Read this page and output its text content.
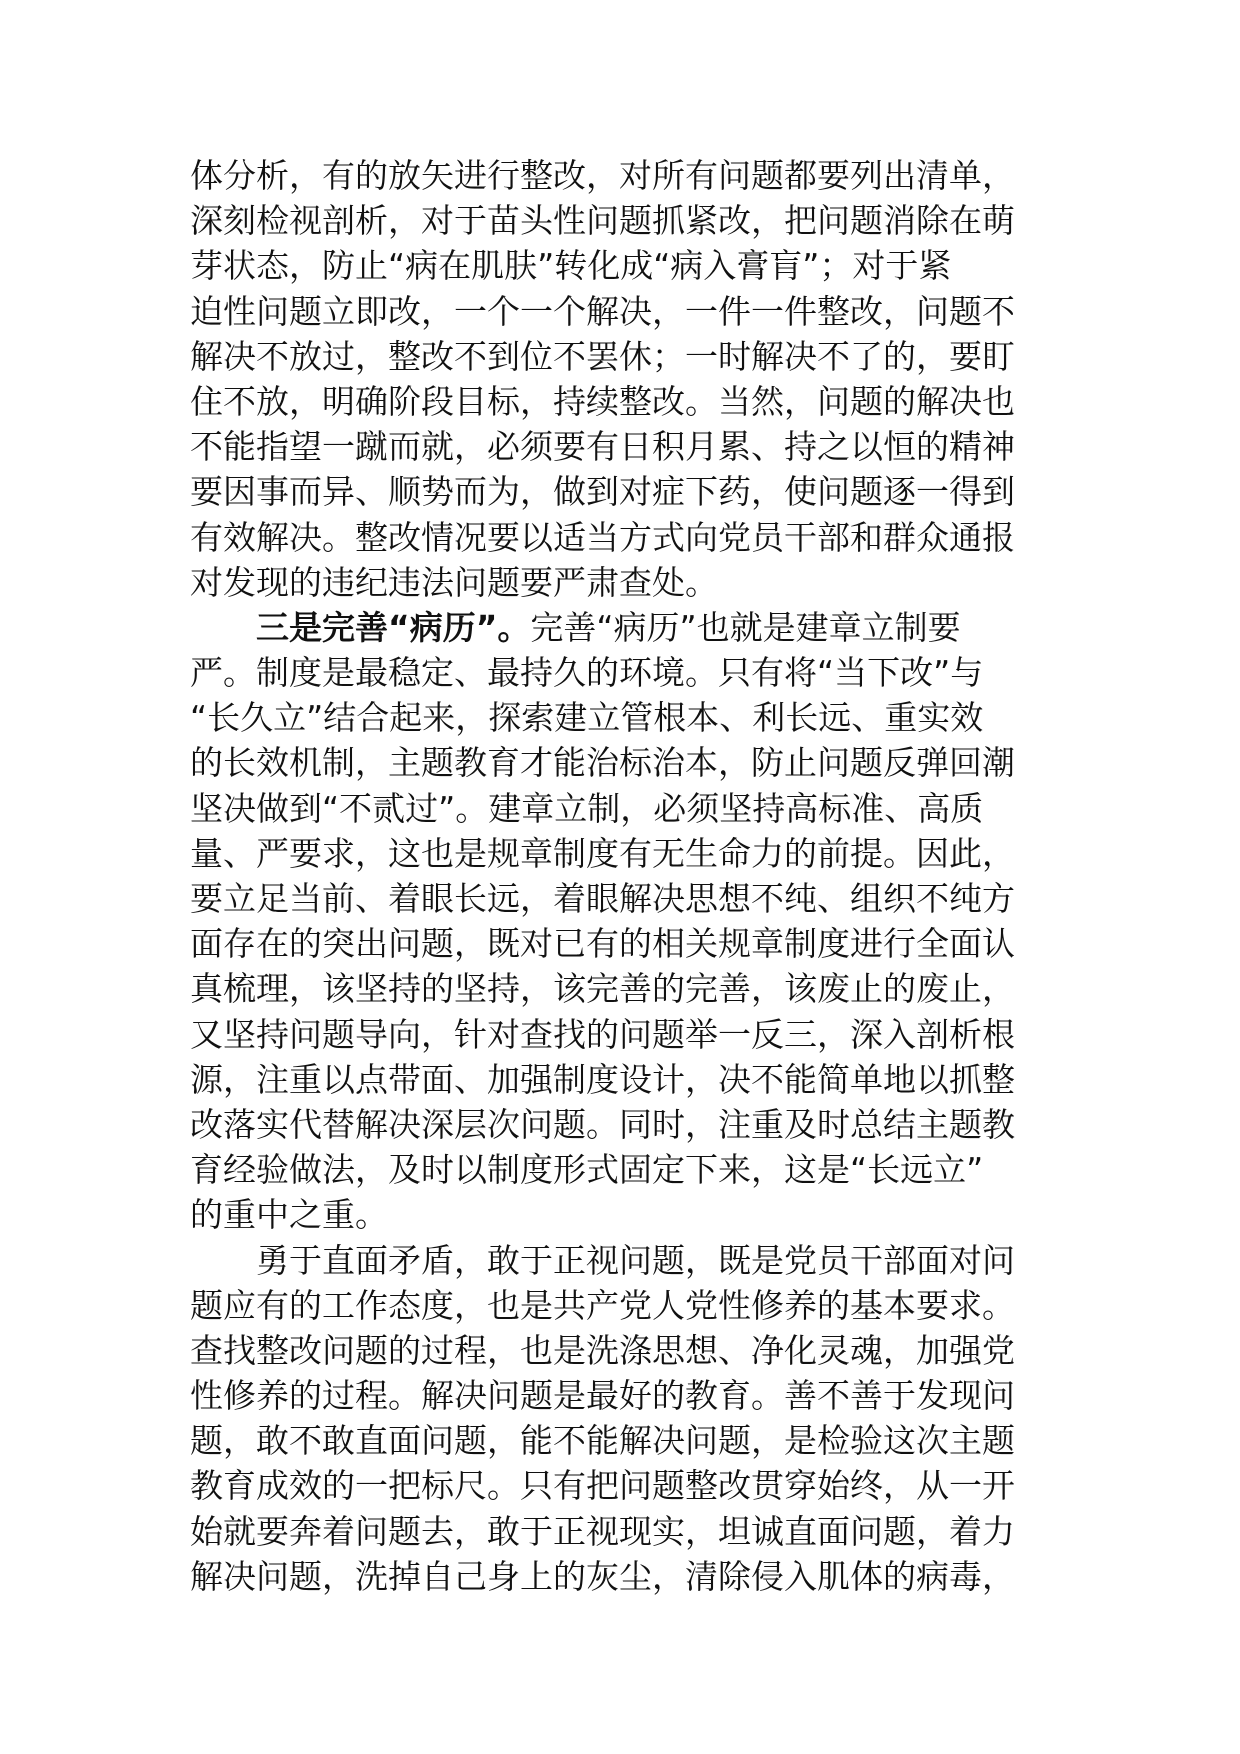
体分析，有的放矢进行整改，对所有问题都要列出清单，
深刻检视剖析，对于苗头性问题抓紧改，把问题消除在萌
芽状态，防止“病在肌肤”转化成“病入膏肓”；对于紧
迫性问题立即改，一个一个解决，一件一件整改，问题不
解决不放过，整改不到位不罢休；一时解决不了的，要盯
住不放，明确阶段目标，持续整改。当然，问题的解决也
不能指望一蹴而就，必须要有日积月累、持之以恒的精神
要因事而异、顺势而为，做到对症下药，使问题逐一得到
有效解决。整改情况要以适当方式向党员干部和群众通报
对发现的违纪违法问题要严肃查处。
三是完善“病历”。完善“病历”也就是建章立制要
严。制度是最稳定、最持久的环境。只有将“当下改”与
“长久立”结合起来，探索建立管根本、利长远、重实效
的长效机制，主题教育才能治标治本，防止问题反弹回潮
坚决做到“不贰过”。建章立制，必须坚持高标准、高质
量、严要求，这也是规章制度有无生命力的前提。因此，
要立足当前、着眼长远，着眼解决思想不纯、组织不纯方
面存在的突出问题，既对已有的相关规章制度进行全面认
真梳理，该坚持的坚持，该完善的完善，该废止的废止，
又坚持问题导向，针对查找的问题举一反三，深入剖析根
源，注重以点带面、加强制度设计，决不能简单地以抓整
改落实代替解决深层次问题。同时，注重及时总结主题教
育经验做法，及时以制度形式固定下来，这是“长远立”
的重中之重。
勇于直面矛盾，敢于正视问题，既是党员干部面对问
题应有的工作态度，也是共产党人党性修养的基本要求。
查找整改问题的过程，也是洗涤思想、净化灵魂，加强党
性修养的过程。解决问题是最好的教育。善不善于发现问
题，敢不敢直面问题，能不能解决问题，是检验这次主题
教育成效的一把标尺。只有把问题整改贯穿始终，从一开
始就要奔着问题去，敢于正视现实，坦诚直面问题，着力
解决问题，洗掉自己身上的灰尘，清除侵入肌体的病毒，
